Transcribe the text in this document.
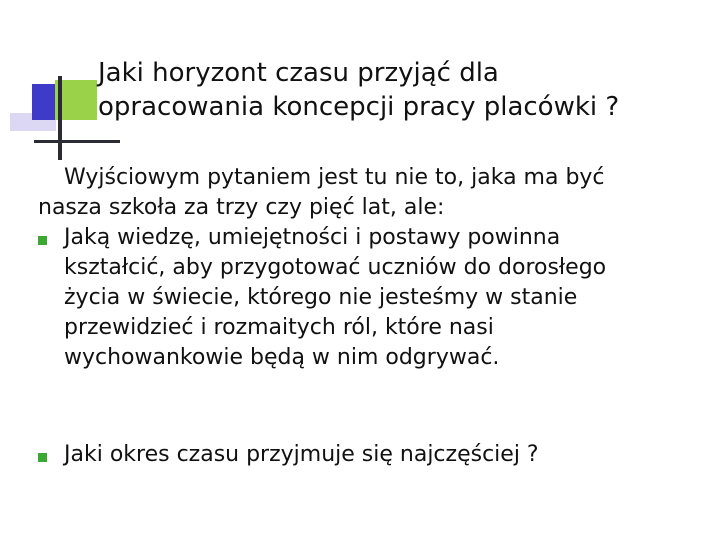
Jaki horyzont czasu przyjąć dla
opracowania koncepcji pracy placówki ?
Wyjściowym pytaniem jest tu nie to, jaka ma być
nasza szkoła za trzy czy pięć lat, ale:
Jaką wiedzę, umiejętności i postawy powinna
kształcić, aby przygotować uczniów do dorosłego
życia w świecie, którego nie jesteśmy w stanie
przewidzieć i rozmaitych ról, które nasi
wychowankowie będą w nim odgrywać.
Jaki okres czasu przyjmuje się najczęściej ?
